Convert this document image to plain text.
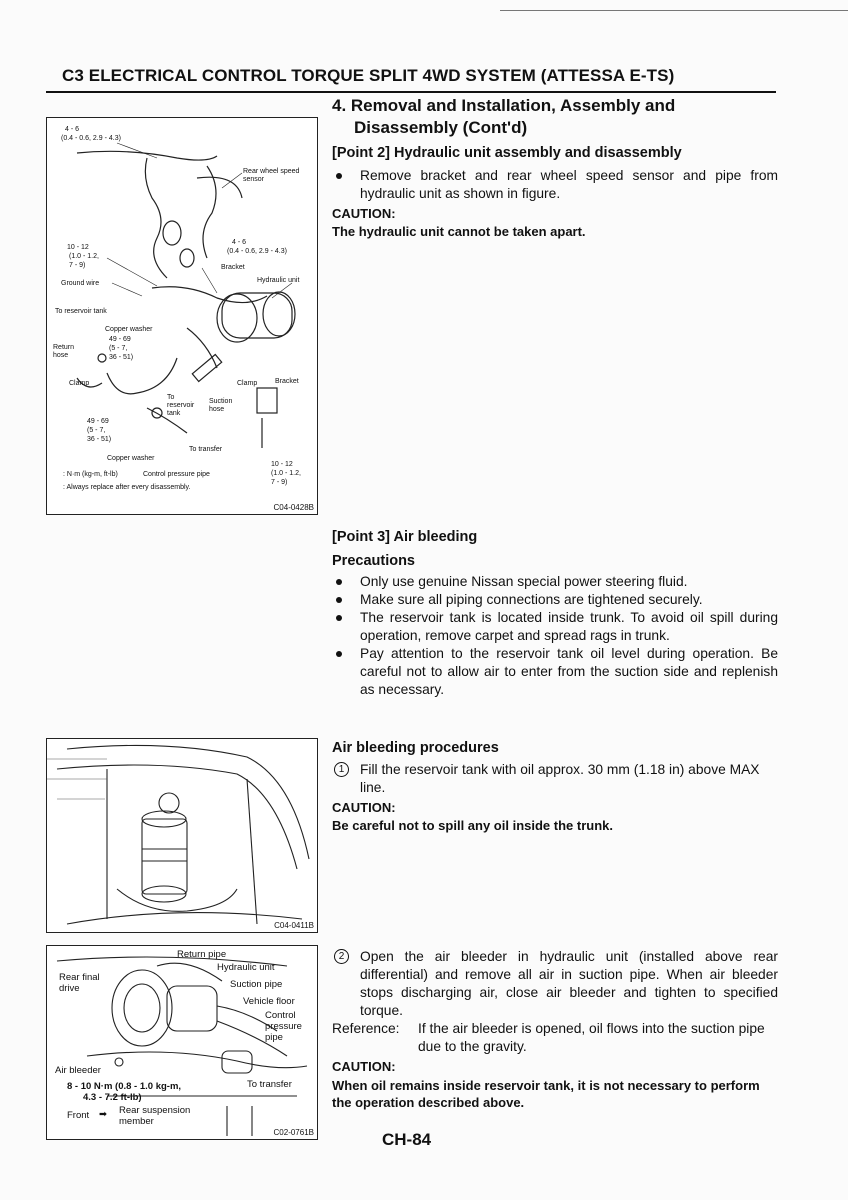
C3 ELECTRICAL CONTROL TORQUE SPLIT 4WD SYSTEM (ATTESSA E-TS)
4 - 6
(0.4 - 0.6, 2.9 - 4.3)
Rear wheel speed sensor
10 - 12
(1.0 - 1.2,
7 - 9)
4 - 6
(0.4 - 0.6, 2.9 - 4.3)
Bracket
Ground wire	Hydraulic unit
To reservoir tank
Copper washer
Return hose
49 - 69
(5 - 7,
36 - 51)
Clamp	Clamp	Bracket
To reservoir tank
Suction hose
49 - 69
(5 - 7,
36 - 51)
To transfer
Copper washer
10 - 12
(1.0 - 1.2,
7 - 9)
: N·m (kg-m, ft-lb)	Control pressure pipe
: Always replace after every disassembly.
C04-0428B
C04-0411B
Return pipe
Hydraulic unit
Rear final drive	Suction pipe
Vehicle floor
Control pressure pipe
Air bleeder
8 - 10 N·m (0.8 - 1.0 kg-m,
4.3 - 7.2 ft-lb)
To transfer
Front ➡ Rear suspension member
C02-0761B
4. Removal and Installation, Assembly and
Disassembly (Cont'd)
[Point 2] Hydraulic unit assembly and disassembly
Remove bracket and rear wheel speed sensor and pipe from hydraulic unit as shown in figure.
CAUTION:
The hydraulic unit cannot be taken apart.
[Point 3] Air bleeding
Precautions
Only use genuine Nissan special power steering fluid.
Make sure all piping connections are tightened securely.
The reservoir tank is located inside trunk. To avoid oil spill during operation, remove carpet and spread rags in trunk.
Pay attention to the reservoir tank oil level during operation. Be careful not to allow air to enter from the suction side and replenish as necessary.
Air bleeding procedures
1	Fill the reservoir tank with oil approx. 30 mm (1.18 in) above MAX line.
CAUTION:
Be careful not to spill any oil inside the trunk.
2	Open the air bleeder in hydraulic unit (installed above rear differential) and remove all air in suction pipe. When air bleeder stops discharging air, close air bleeder and tighten to specified torque.
Reference: If the air bleeder is opened, oil flows into the suction pipe due to the gravity.
CAUTION:
When oil remains inside reservoir tank, it is not necessary to perform the operation described above.
CH-84
